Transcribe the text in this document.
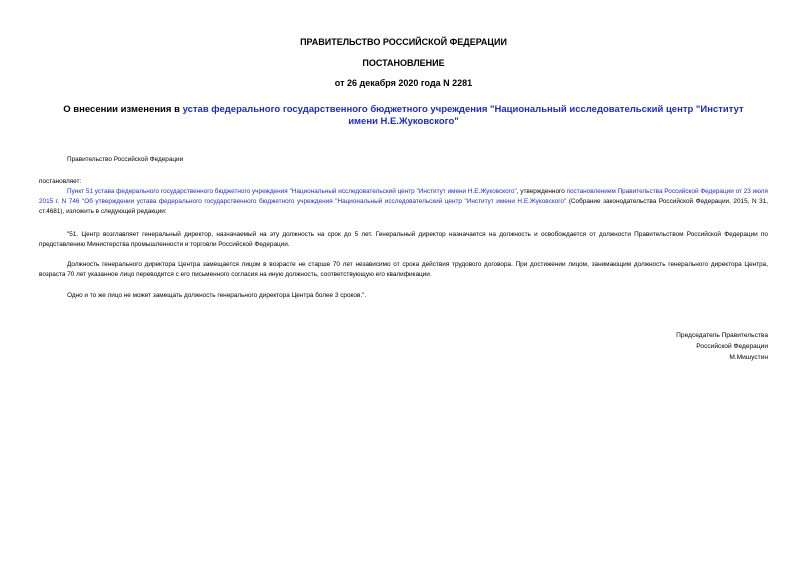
ПРАВИТЕЛЬСТВО РОССИЙСКОЙ ФЕДЕРАЦИИ
ПОСТАНОВЛЕНИЕ
от 26 декабря 2020 года N 2281
О внесении изменения в устав федерального государственного бюджетного учреждения "Национальный исследовательский центр "Институт имени Н.Е.Жуковского"
Правительство Российской Федерации
постановляет:
Пункт 51 устава федерального государственного бюджетного учреждения "Национальный исследовательский центр "Институт имени Н.Е.Жуковского", утвержденного постановлением Правительства Российской Федерации от 23 июля 2015 г. N 746 "Об утверждении устава федерального государственного бюджетного учреждения "Национальный исследовательский центр "Институт имени Н.Е.Жуковского" (Собрание законодательства Российской Федерации, 2015, N 31, ст.4681), изложить в следующей редакции:
"51. Центр возглавляет генеральный директор, назначаемый на эту должность на срок до 5 лет. Генеральный директор назначается на должность и освобождается от должности Правительством Российской Федерации по представлению Министерства промышленности и торговли Российской Федерации.
Должность генерального директора Центра замещается лицом в возрасте не старше 70 лет независимо от срока действия трудового договора. При достижении лицом, занимающим должность генерального директора Центра, возраста 70 лет указанное лицо переводится с его письменного согласия на иную должность, соответствующую его квалификации.
Одно и то же лицо не может замещать должность генерального директора Центра более 3 сроков.".
Председатель Правительства
Российской Федерации
М.Мишустин
